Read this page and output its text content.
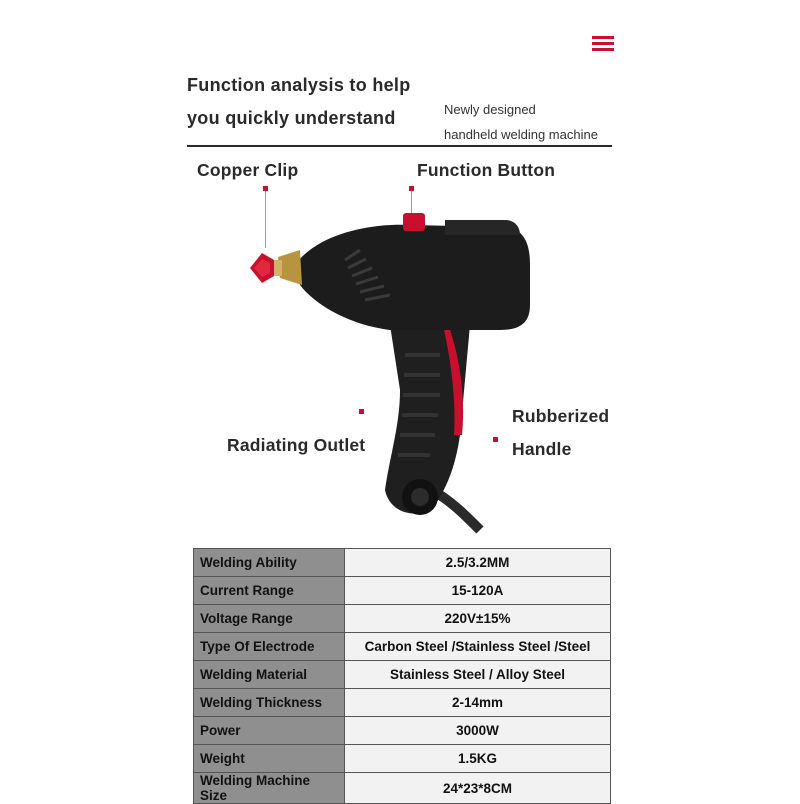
Function analysis to help
you quickly understand	Newly designed
handheld welding machine
Copper Clip	Function Button
Radiating Outlet
Rubberized
Handle
Welding Ability	2.5/3.2MM
Current Range	15-120A
Voltage Range	220V±15%
Type Of Electrode	Carbon Steel /Stainless Steel /Steel
Welding Material	Stainless Steel / Alloy Steel
Welding Thickness	2-14mm
Power	3000W
Weight	1.5KG
Welding Machine Size	24*23*8CM
